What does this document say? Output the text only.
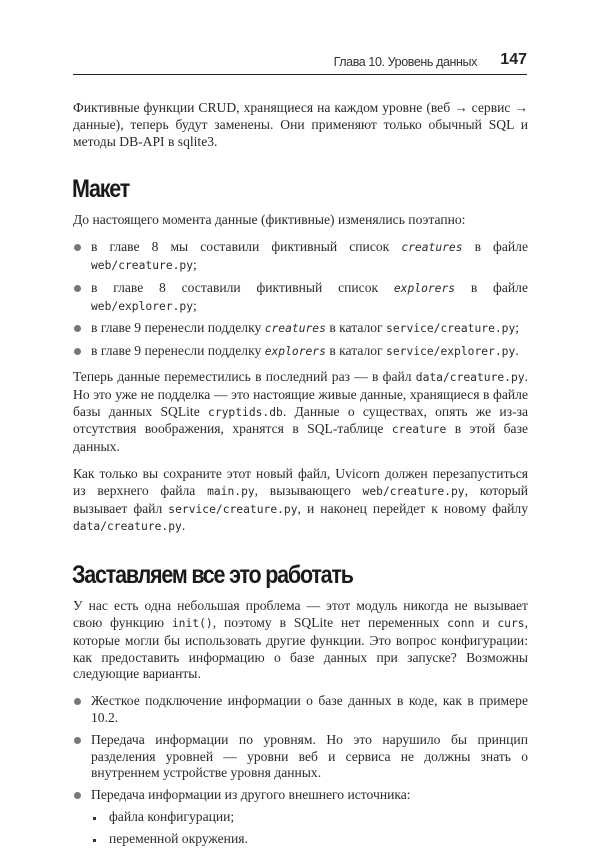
Глава 10. Уровень данных 147
Фиктивные функции CRUD, хранящиеся на каждом уровне (веб → сервис → данные), теперь будут заменены. Они применяют только обычный SQL и методы DB-API в sqlite3.
Макет
До настоящего момента данные (фиктивные) изменялись поэтапно:
в главе 8 мы составили фиктивный список creatures в файле web/creature.py;
в главе 8 составили фиктивный список explorers в файле web/explorer.py;
в главе 9 перенесли подделку creatures в каталог service/creature.py;
в главе 9 перенесли подделку explorers в каталог service/explorer.py.
Теперь данные переместились в последний раз — в файл data/creature.py. Но это уже не подделка — это настоящие живые данные, хранящиеся в файле базы данных SQLite cryptids.db. Данные о существах, опять же из-за отсутствия воображения, хранятся в SQL-таблице creature в этой базе данных.
Как только вы сохраните этот новый файл, Uvicorn должен перезапуститься из верхнего файла main.py, вызывающего web/creature.py, который вызывает файл service/creature.py, и наконец перейдет к новому файлу data/creature.py.
Заставляем все это работать
У нас есть одна небольшая проблема — этот модуль никогда не вызывает свою функцию init(), поэтому в SQLite нет переменных conn и curs, которые могли бы использовать другие функции. Это вопрос конфигурации: как предоставить информацию о базе данных при запуске? Возможны следующие варианты.
Жесткое подключение информации о базе данных в коде, как в примере 10.2.
Передача информации по уровням. Но это нарушило бы принцип разделения уровней — уровни веб и сервиса не должны знать о внутреннем устройстве уровня данных.
Передача информации из другого внешнего источника:
файла конфигурации;
переменной окружения.
